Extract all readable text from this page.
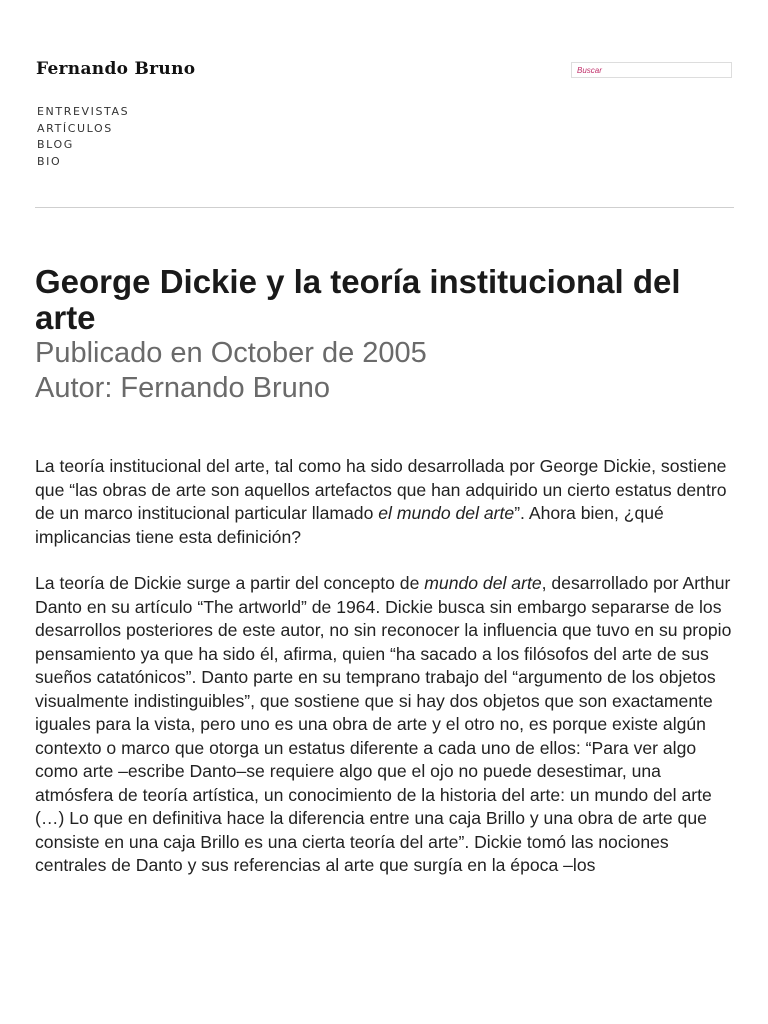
Fernando Bruno
Buscar
ENTREVISTAS
ARTÍCULOS
BLOG
BIO
George Dickie y la teoría institucional del arte
Publicado en October de 2005
Autor: Fernando Bruno

La teoría institucional del arte, tal como ha sido desarrollada por George Dickie, sostiene que “las obras de arte son aquellos artefactos que han adquirido un cierto estatus dentro de un marco institucional particular llamado el mundo del arte”. Ahora bien, ¿qué implicancias tiene esta definición?

La teoría de Dickie surge a partir del concepto de mundo del arte, desarrollado por Arthur Danto en su artículo “The artworld” de 1964. Dickie busca sin embargo separarse de los desarrollos posteriores de este autor, no sin reconocer la influencia que tuvo en su propio pensamiento ya que ha sido él, afirma, quien “ha sacado a los filósofos del arte de sus sueños catatónicos”. Danto parte en su temprano trabajo del “argumento de los objetos visualmente indistinguibles”, que sostiene que si hay dos objetos que son exactamente iguales para la vista, pero uno es una obra de arte y el otro no, es porque existe algún contexto o marco que otorga un estatus diferente a cada uno de ellos: “Para ver algo como arte –escribe Danto–se requiere algo que el ojo no puede desestimar, una atmósfera de teoría artística, un conocimiento de la historia del arte: un mundo del arte (…) Lo que en definitiva hace la diferencia entre una caja Brillo y una obra de arte que consiste en una caja Brillo es una cierta teoría del arte”. Dickie tomó las nociones centrales de Danto y sus referencias al arte que surgía en la época –los
